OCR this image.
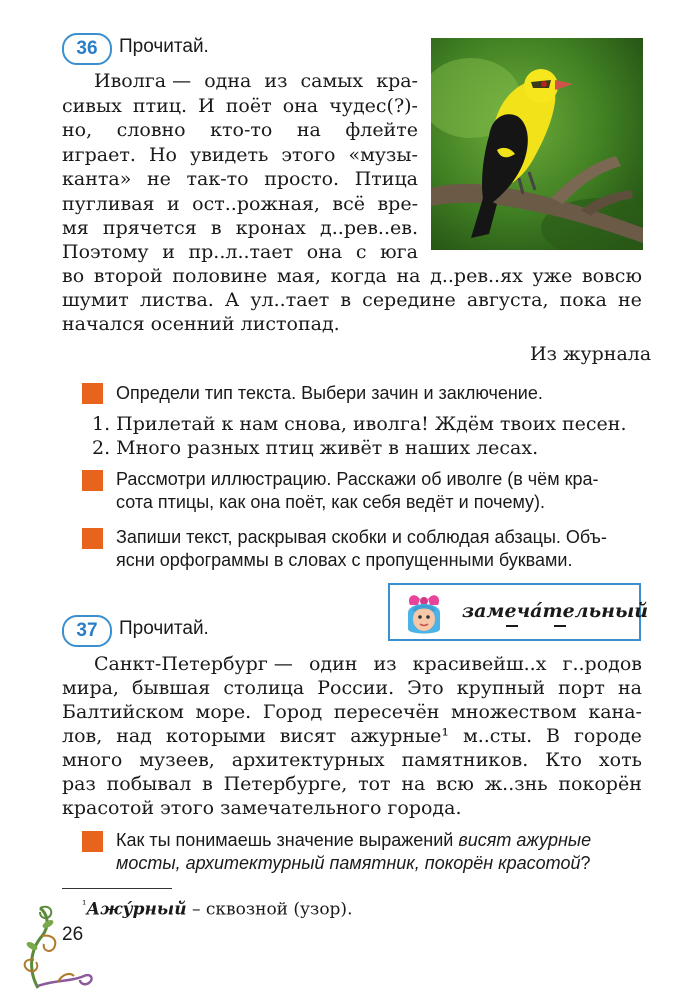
36	Прочитай.
Иволга — одна из самых кра-
сивых птиц. И поёт она чудес(?)-
но, словно кто-то на флейте
играет. Но увидеть этого «музы-
канта» не так-то просто. Птица
пугливая и ост..рожная, всё вре-
мя прячется в кронах д..рев..ев.
Поэтому и пр..л..тает она с юга
во второй половине мая, когда на д..рев..ях уже вовсю
шумит листва. А ул..тает в середине августа, пока не
начался осенний листопад.
Из журнала
Определи тип текста. Выбери зачин и заключение.
1. Прилетай к нам снова, иволга! Ждём твоих песен.
2. Много разных птиц живёт в наших лесах.
Рассмотри иллюстрацию. Расскажи об иволге (в чём кра-
сота птицы, как она поёт, как себя ведёт и почему).
Запиши текст, раскрывая скобки и соблюдая абзацы. Объ-
ясни орфограммы в словах с пропущенными буквами.
замеча́тельный
37	Прочитай.
Санкт-Петербург — один из красивейш..х г..родов
мира, бывшая столица России. Это крупный порт на
Балтийском море. Город пересечён множеством кана-
лов, над которыми висят ажурные¹ м..сты. В городе
много музеев, архитектурных памятников. Кто хоть
раз побывал в Петербурге, тот на всю ж..знь покорён
красотой этого замечательного города.
Как ты понимаешь значение выражений висят ажурные
мосты, архитектурный памятник, покорён красотой?
$^{^1}$Ажу́рный – сквозной (узор).
26
